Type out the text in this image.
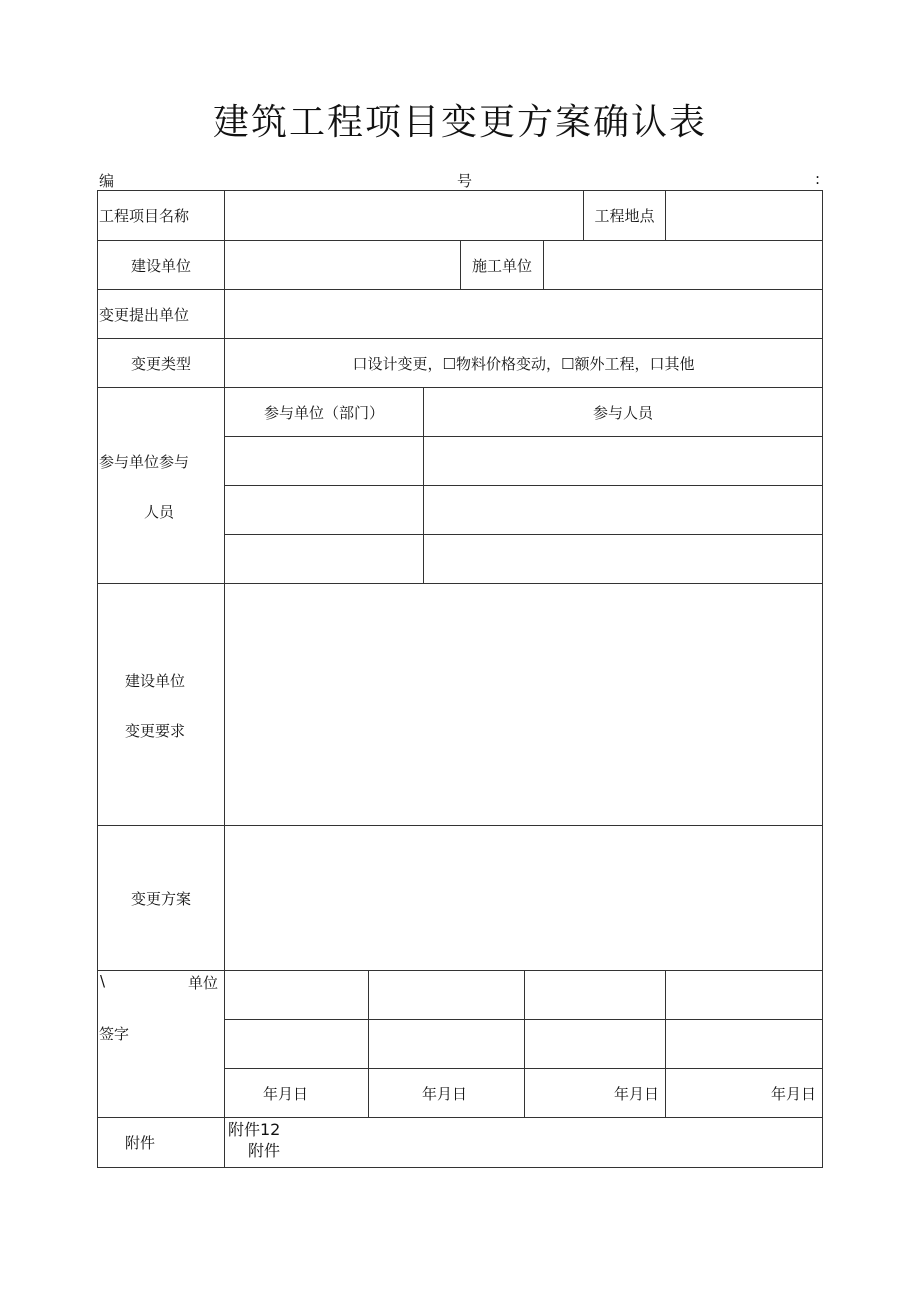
建筑工程项目变更方案确认表
编	号	:
工程项目名称	工程地点
建设单位	施工单位
变更提出单位
变更类型	口设计变更，☐物料价格变动，☐额外工程，口其他
参与单位参与
人员
参与单位（部门）	参与人员
建设单位
变更要求
变更方案
\	单位
签字
年月日	年月日	年月日	年月日
附件
附件12
附件
